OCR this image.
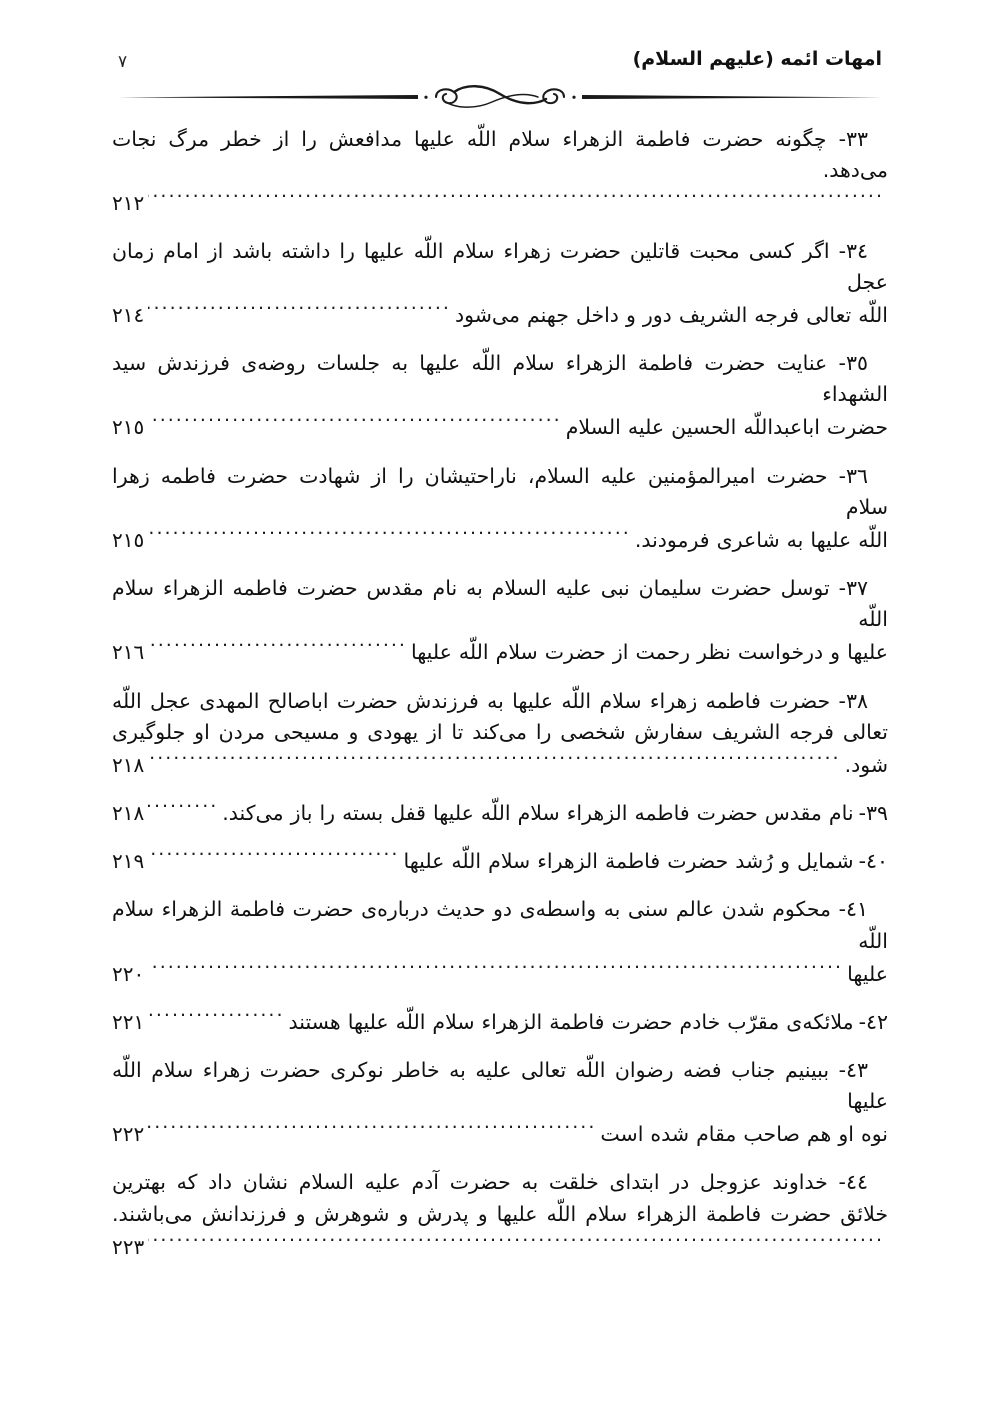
۷	امهات ائمه (علیهم السلام)
۳۳- چگونه حضرت فاطمة الزهراء سلام اللّه علیها مدافعش را از خطر مرگ نجات می‌دهد.
.....
۲۱۲
۳٤- اگر کسی محبت قاتلین حضرت زهراء سلام اللّه علیها را داشته باشد از امام زمان عجل
اللّه تعالی فرجه الشریف دور و داخل جهنم می‌شود
.....
۲۱٤
۳٥- عنایت حضرت فاطمة الزهراء سلام اللّه علیها به جلسات روضه‌ی فرزندش سید الشهداء
حضرت اباعبداللّه الحسین علیه السلام
.....
۲۱٥
۳٦- حضرت امیرالمؤمنین علیه السلام، ناراحتیشان را از شهادت حضرت فاطمه زهرا سلام
اللّه علیها به شاعری فرمودند.
.....
۲۱٥
۳۷- توسل حضرت سلیمان نبی علیه السلام به نام مقدس حضرت فاطمه الزهراء سلام اللّه
علیها و درخواست نظر رحمت از حضرت سلام اللّه علیها
.....
۲۱٦
۳۸- حضرت فاطمه زهراء سلام اللّه علیها به فرزندش حضرت اباصالح المهدی عجل اللّه
تعالی فرجه الشریف سفارش شخصی را می‌کند تا از یهودی و مسیحی مردن او جلوگیری
شود.
.....
۲۱۸
۳۹-
نام مقدس حضرت فاطمه الزهراء سلام اللّه علیها قفل بسته را باز می‌کند.
.....
۲۱۸
٤۰-
شمایل و رُشد حضرت فاطمة الزهراء سلام اللّه علیها
.....
۲۱۹
٤۱- محکوم شدن عالم سنی به واسطه‌ی دو حدیث درباره‌ی حضرت فاطمة الزهراء سلام اللّه
علیها
.....
۲۲۰
٤۲-
ملائکه‌ی مقرّب خادم حضرت فاطمة الزهراء سلام اللّه علیها هستند
.....
۲۲۱
٤۳- ببینیم جناب فضه رضوان اللّه تعالی علیه به خاطر نوکری حضرت زهراء سلام اللّه علیها
نوه او هم صاحب مقام شده است
.....
۲۲۲
٤٤- خداوند عزوجل در ابتدای خلقت به حضرت آدم علیه السلام نشان داد که بهترین
خلائق حضرت فاطمة الزهراء سلام اللّه علیها و پدرش و شوهرش و فرزندانش می‌باشند.
.....
۲۲۳
